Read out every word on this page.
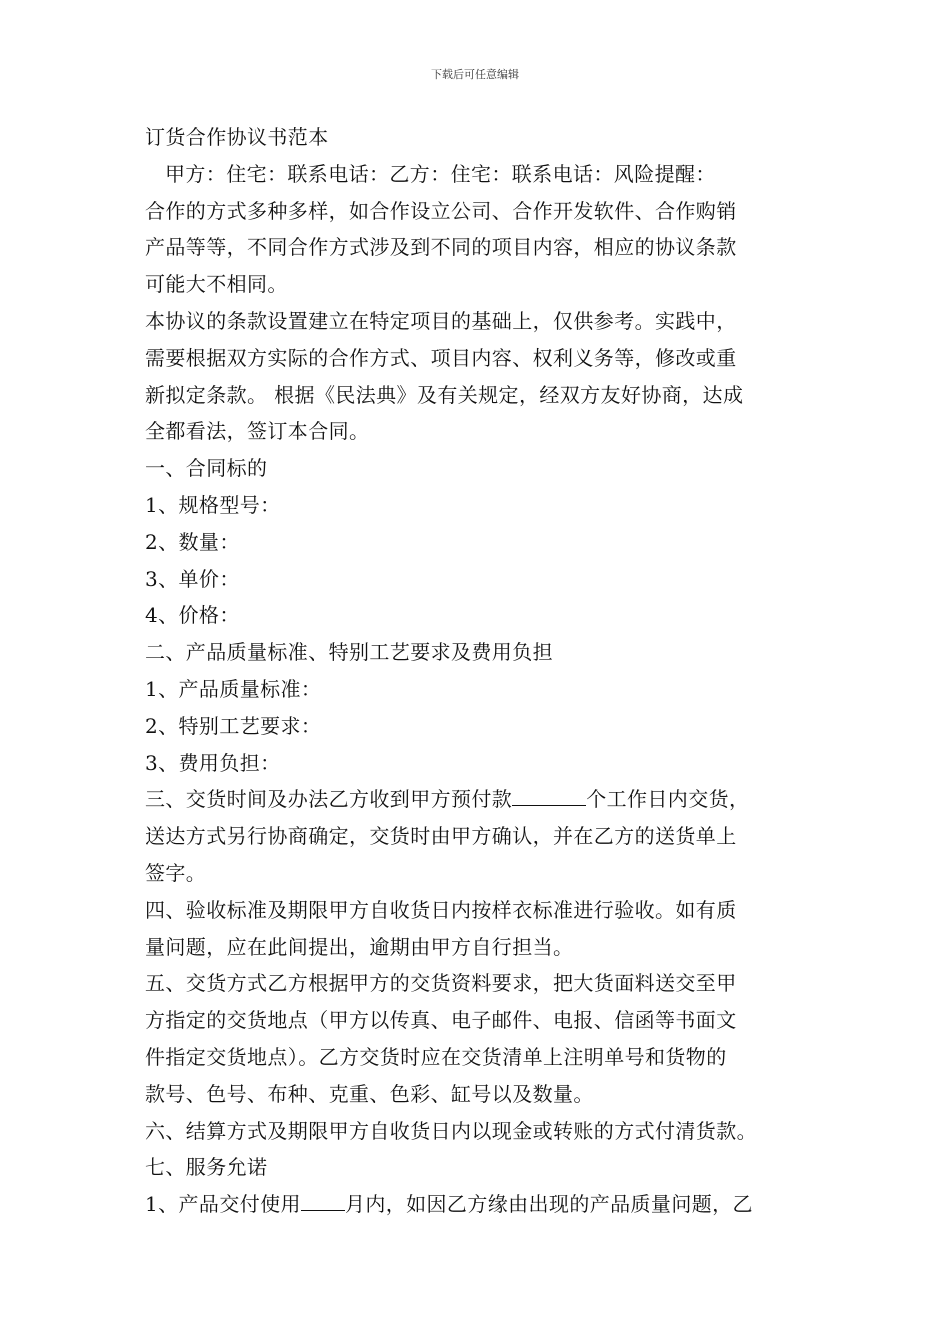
下载后可任意编辑
订货合作协议书范本
甲方：住宅：联系电话：乙方：住宅：联系电话：风险提醒：
合作的方式多种多样，如合作设立公司、合作开发软件、合作购销
产品等等，不同合作方式涉及到不同的项目内容，相应的协议条款
可能大不相同。
本协议的条款设置建立在特定项目的基础上，仅供参考。实践中，
需要根据双方实际的合作方式、项目内容、权利义务等，修改或重
新拟定条款。 根据《民法典》及有关规定，经双方友好协商，达成
全都看法，签订本合同。
一、合同标的
1、规格型号：
2、数量：
3、单价：
4、价格：
二、产品质量标准、特别工艺要求及费用负担
1、产品质量标准：
2、特别工艺要求：
3、费用负担：
三、交货时间及办法乙方收到甲方预付款	个工作日内交货，
送达方式另行协商确定，交货时由甲方确认，并在乙方的送货单上
签字。
四、验收标准及期限甲方自收货日内按样衣标准进行验收。如有质
量问题，应在此间提出，逾期由甲方自行担当。
五、交货方式乙方根据甲方的交货资料要求，把大货面料送交至甲
方指定的交货地点（甲方以传真、电子邮件、电报、信函等书面文
件指定交货地点）。乙方交货时应在交货清单上注明单号和货物的
款号、色号、布种、克重、色彩、缸号以及数量。
六、结算方式及期限甲方自收货日内以现金或转账的方式付清货款。
七、服务允诺
1、产品交付使用 月内，如因乙方缘由出现的产品质量问题，乙
